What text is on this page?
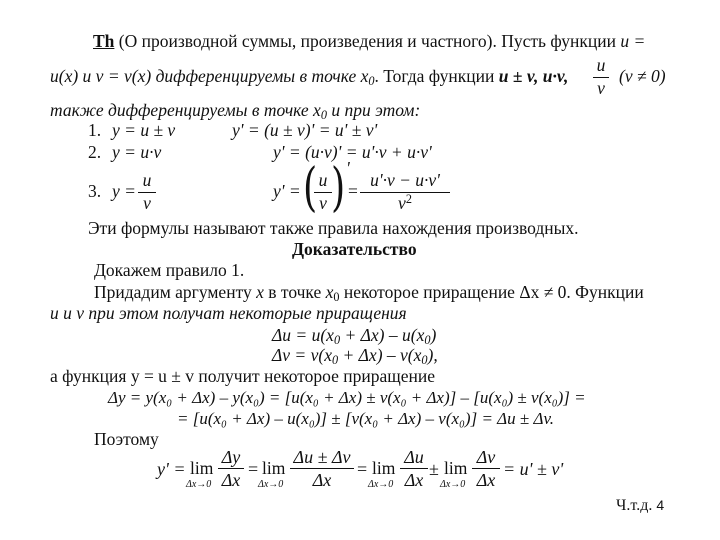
Th (О производной суммы, произведения и частного). Пусть функции u =
u(x) и v = v(x) дифференцируемы в точке $x_0$. Тогда функции u ± v, u·v,
u
v
(v ≠ 0)
также дифференцируемы в точке $x_0$ и при этом:
1. y = u ± v	y' = (u ± v)' = u' ± v'
2. y = u·v	y' = (u·v)' = u'·v + u·v'
3. y =
u
v
y' = ( u
v ) '
=
u'·v − u·v'
$v^2$
Эти формулы называют также правила нахождения производных.
Доказательство
Докажем правило 1.
Придадим аргументу x в точке $x_0$ некоторое приращение Δx ≠ 0. Функции
u и v при этом получат некоторые приращения
$\Delta u = u(x_0 + \Delta x) - u(x_0)$
$\Delta v = v(x_0 + \Delta x) - v(x_0)$,
а функция y = u ± v получит некоторое приращение
Δy = y(x₀ + Δx) – y(x₀) = [u(x₀ + Δx) ± v(x₀ + Δx)] – [u(x₀) ± v(x₀)] =
= [u(x₀ + Δx) – u(x₀)] ± [v(x₀ + Δx) – v(x₀)] = Δu ± Δv.
Поэтому
y' = lim
Δx→0
Δy
Δx
= lim
Δx→0
Δu ± Δv
Δx
= lim
Δx→0
Δu
Δx
± lim
Δx→0
Δv
Δx
= u' ± v'
Ч.т.д. 4
